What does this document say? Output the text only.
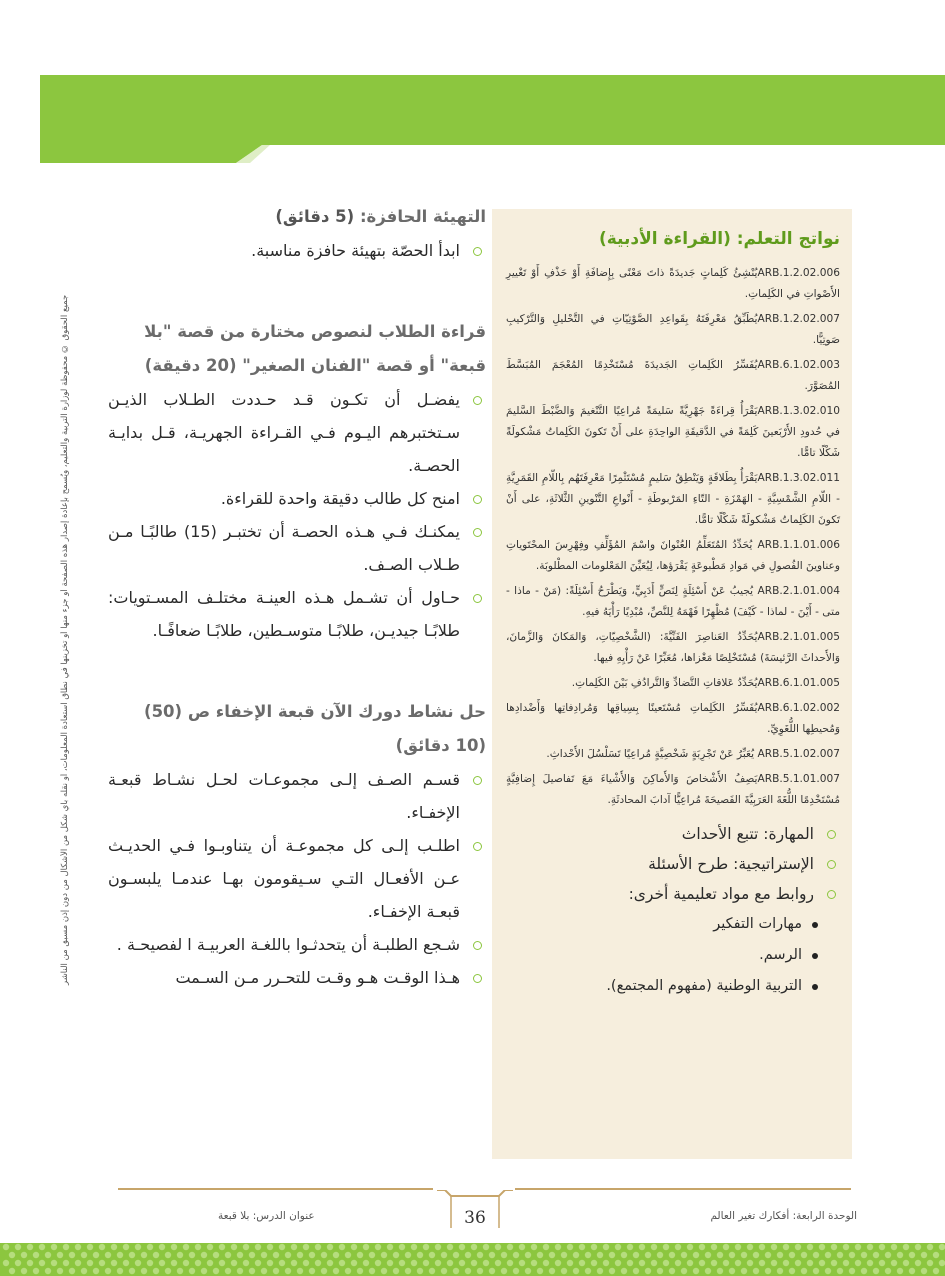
جميع الحقوق © محفوظة لوزارة التربية والتعليم، ويُسمح بإعادة إصدار هذه الصفحة أو جزء منها أو تخزينها في نطاق استعادة المعلومات، أو نقله بأي شكل من الأشكال من دون إذن مسبق من الناشر
نواتج التعلم: (القراءة الأدبية)

ARB.1.2.02.006يُنْشِئُ كَلِماتٍ جَديدَةً ذاتَ مَعْنًى بِإِضافَةِ أَوْ حَذْفِ أَوْ تَغْييرِ الأَصْواتِ في الكَلِماتِ.

ARB.1.2.02.007يُطَبِّقُ مَعْرِفَتَهُ بِقَواعِدِ الصَّوْتِيّاتِ في التَّحْليلِ وَالتَّرْكيبِ صَوتِيًّا.

ARB.6.1.02.003يُفَسِّرُ الكَلِماتِ الجَديدَةَ مُسْتَخْدِمًا المُعْجَمَ المُبَسَّطَ المُصَوَّرَ.

ARB.1.3.02.010يَقْرَأُ قِراءَةً جَهْرِيَّةً سَليمَةً مُراعِيًا التَّنْغيمَ وَالضَّبْطَ السَّليمَ في حُدودِ الأَرْبَعينَ كَلِمَةً في الدَّقيقَةِ الواحِدَةِ على أَنْ تَكونَ الكَلِماتُ مَشْكولَةً شَكْلًا تامًّا.

ARB.1.3.02.011يَقْرَأُ بِطَلاقَةٍ وَيَنْطِقُ سَليمٍ مُسْتَثْمِرًا مَعْرِفَتَهُم بِاللّامِ القَمَرِيَّةِ - اللّامِ الشَّمْسِيَّةِ - الهَمْزَةِ - التّاءِ المَرْبوطَةِ - أَنْواعِ التَّنْوينِ الثَّلاثَةِ، على أَنْ تَكونَ الكَلِماتُ مَشْكولَةً شَكْلًا تامًّا.

ARB.1.1.01.006 يُحَدِّدُ المُتَعَلِّمُ العُنْوانَ واسْمَ المُؤَلِّفِ وفِهْرِسَ المحْتَوياتِ وعناوينَ الفُصولِ في مَوادِ مَطْبوعَةٍ يَقْرَؤها، لِيُعَيِّنَ المَعْلومات المطْلوبَة.

ARB.2.1.01.004 يُجيبُ عَنْ أَسْئِلَةٍ لِنَصٍّ أَدَبِيٍّ، وَيَطْرَحُ أَسْئِلَةً: (مَنْ - ماذا - متى - أَيْنَ - لماذا - كَيْفَ) مُظْهِرًا فَهْمَهُ لِلنَّصِّ، مُبْدِيًا رَأْيَهُ فيهِ.

ARB.2.1.01.005يُحَدِّدُ العَناصِرَ الفَنِّيَّةَ: (الشَّخْصِيّاتِ، وَالمَكانَ وَالزَّمانَ، وَالأَحداثَ الرَّئيسَةَ) مُسْتَخْلِصًا مَغْزاها، مُعَبِّرًا عَنْ رَأْيِهِ فيها.

ARB.6.1.01.005يُحَدِّدُ عَلاقاتِ التَّضادِّ وَالتَّرادُفِ بَيْنَ الكَلِماتِ.

ARB.6.1.02.002يُفَسِّرُ الكَلِماتِ مُسْتَعينًا بِسِياقِها وَمُرادِفاتِها وَأَضْدادِها وَمُحيطِها اللُّغَوِيِّ.

ARB.5.1.02.007 يُعَبِّرُ عَنْ تَجْرِبَةٍ شَخْصِيَّةٍ مُراعِيًا تَسَلْسُلَ الأَحْداثِ.

ARB.5.1.01.007يَصِفُ الأَشْخاصَ وَالأَماكِنَ وَالأَشْياءَ مَعَ تَفاصيلَ إِضافِيَّةٍ مُسْتَخْدِمًا اللُّغَةَ العَرَبِيَّةَ الفَصيحَةَ مُراعِيًّا آدابَ المحادثَةِ.

المهارة: تتبع الأحداث
الإستراتيجية: طرح الأسئلة
روابط مع مواد تعليمية أخرى:
مهارات التفكير
الرسم.
التربية الوطنية (مفهوم المجتمع).
التهيئة الحافزة: (5 دقائق)
ابدأ الحصّة بتهيئة حافزة مناسبة.
قراءة الطلاب لنصوص مختارة من قصة "بلا قبعة" أو قصة "الفنان الصغير" (20 دقيقة)
يفضـل أن تكـون قـد حـددت الطـلاب الذيـن سـتختبرهم اليـوم فـي القـراءة الجهريـة، قـل بدايـة الحصـة.
امنح كل طالب دقيقة واحدة للقراءة.
يمكنـك فـي هـذه الحصـة أن تختبـر (15) طالبًـا مـن طـلاب الصـف.
حـاول أن تشـمل هـذه العينـة مختلـف المسـتويات: طلابًـا جيديـن، طلابًـا متوسـطين، طلابًـا ضعافًـا.
حل نشاط دورك الآن قبعة الإخفاء ص (50) (10 دقائق)
قسـم الصـف إلـى مجموعـات لحـل نشـاط قبعـة الإخفـاء.
اطلـب إلـى كل مجموعـة أن يتناوبـوا فـي الحديـث عـن الأفعـال التـي سـيقومون بهـا عندمـا يلبسـون قبعـة الإخفـاء.
شـجع الطلبـة أن يتحدثـوا باللغـة العربيـة ا لفصيحـة .
هـذا الوقـت هـو وقـت للتحـرر مـن السـمت
36	الوحدة الرابعة: أفكارك تغير العالم
عنوان الدرس: بلا قبعة
